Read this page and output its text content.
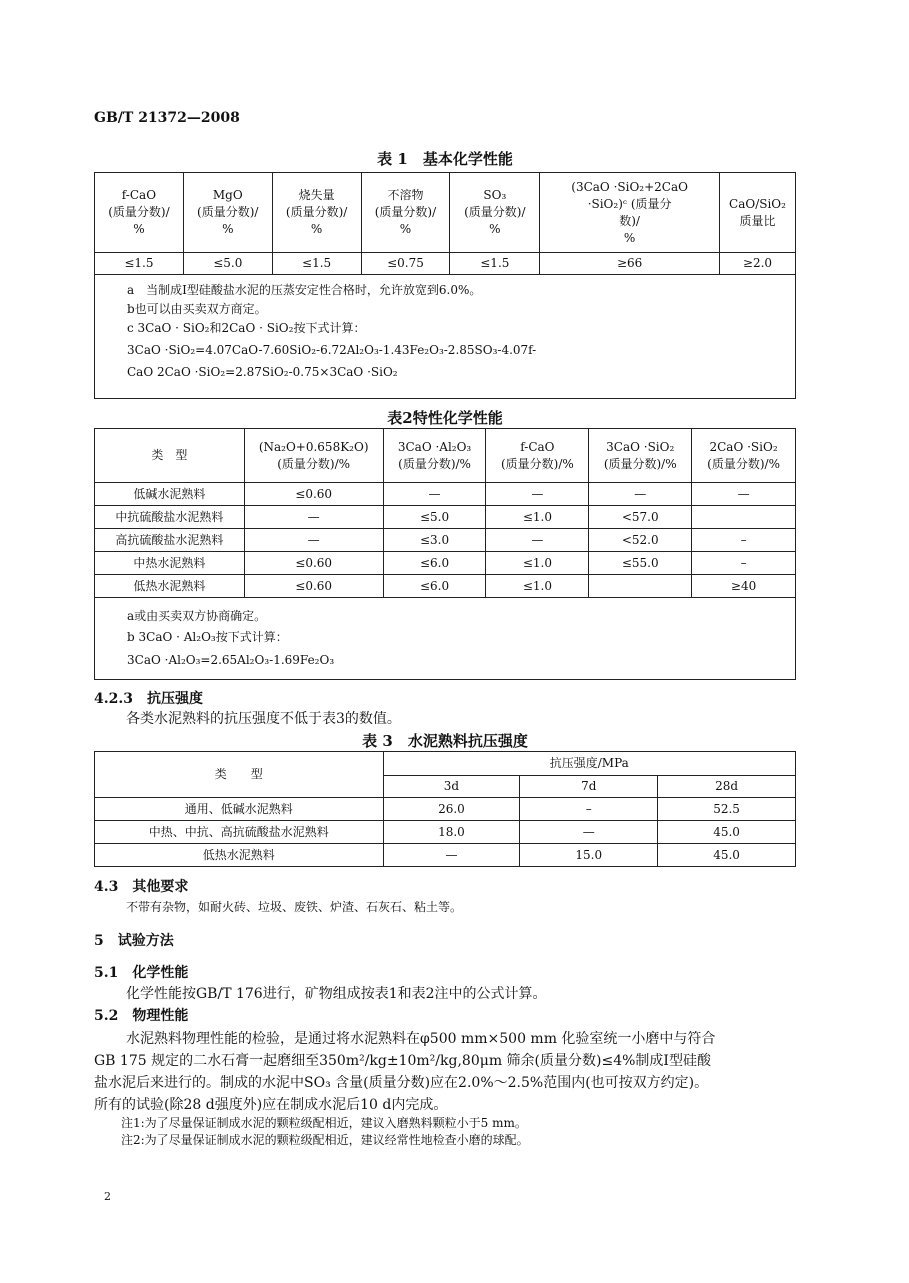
GB/T 21372—2008
表 1　基本化学性能
f-CaO
(质量分数)/
%	MgO
(质量分数)/
%	烧失量
(质量分数)/
%	不溶物
(质量分数)/
%	SO₃
(质量分数)/
%	(3CaO ·SiO₂+2CaO
·SiO₂)ᶜ (质量分
数)/
%	CaO/SiO₂
质量比
≤1.5	≤5.0	≤1.5	≤0.75	≤1.5	≥66	≥2.0

a　当制成Ⅰ型硅酸盐水泥的压蒸安定性合格时，允许放宽到6.0%。
b也可以由买卖双方商定。
c 3CaO · SiO₂和2CaO · SiO₂按下式计算：
3CaO ·SiO₂=4.07CaO-7.60SiO₂-6.72Al₂O₃-1.43Fe₂O₃-2.85SO₃-4.07f-
CaO 2CaO ·SiO₂=2.87SiO₂-0.75×3CaO ·SiO₂						
表2特性化学性能
类　型	(Na₂O+0.658K₂O)
(质量分数)/%	3CaO ·Al₂O₃
(质量分数)/%	f-CaO
(质量分数)/%	3CaO ·SiO₂
(质量分数)/%	2CaO ·SiO₂
(质量分数)/%
低碱水泥熟料	≤0.60	—	—	—	—
中抗硫酸盐水泥熟料	—	≤5.0	≤1.0	<57.0	
高抗硫酸盐水泥熟料	—	≤3.0	—	<52.0	–
中热水泥熟料	≤0.60	≤6.0	≤1.0	≤55.0	–
低热水泥熟料	≤0.60	≤6.0	≤1.0		≥40

a或由买卖双方协商确定。
b 3CaO · Al₂O₃按下式计算：
3CaO ·Al₂O₃=2.65Al₂O₃-1.69Fe₂O₃					
4.2.3　抗压强度
各类水泥熟料的抗压强度不低于表3的数值。
表 3　水泥熟料抗压强度
类　　型	抗压强度/MPa		
	3d	7d	28d
通用、低碱水泥熟料	26.0	–	52.5
中热、中抗、高抗硫酸盐水泥熟料	18.0	—	45.0
低热水泥熟料	—	15.0	45.0
4.3　其他要求
不带有杂物，如耐火砖、垃圾、废铁、炉渣、石灰石、粘土等。
5　试验方法
5.1　化学性能
化学性能按GB/T 176进行，矿物组成按表1和表2注中的公式计算。
5.2　物理性能
水泥熟料物理性能的检验，是通过将水泥熟料在φ500 mm×500 mm 化验室统一小磨中与符合
GB 175 规定的二水石膏一起磨细至350m²/kg±10m²/kg,80μm 筛余(质量分数)≤4%制成Ⅰ型硅酸
盐水泥后来进行的。制成的水泥中SO₃ 含量(质量分数)应在2.0%～2.5%范围内(也可按双方约定)。
所有的试验(除28 d强度外)应在制成水泥后10 d内完成。
注1:为了尽量保证制成水泥的颗粒级配相近，建议入磨熟料颗粒小于5 mm。
注2:为了尽量保证制成水泥的颗粒级配相近，建议经常性地检查小磨的球配。
2
